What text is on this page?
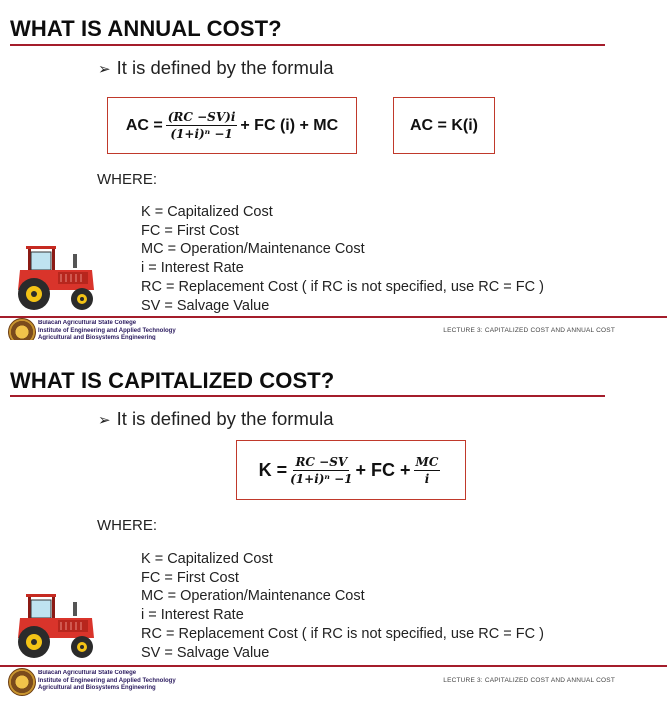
WHAT IS ANNUAL COST?
➢ It is defined by the formula
AC = $\frac{(RC -SV)i}{\text{(1+i)ⁿ −1}}$ + FC (i) + MC	AC = K(i)
WHERE:
K = Capitalized Cost
FC = First Cost
MC = Operation/Maintenance Cost
i = Interest Rate
RC = Replacement Cost ( if RC is not specified, use RC = FC )
SV = Salvage Value
Bulacan Agricultural State College
Institute of Engineering and Applied Technology
Agricultural and Biosystems Engineering
LECTURE 3: CAPITALIZED COST AND ANNUAL COST
WHAT IS CAPITALIZED COST?
➢ It is defined by the formula
$K = \frac{RC -SV}{\text{(1+i)ⁿ −1}}$ + FC + $\frac{MC}{i}$
WHERE:
K = Capitalized Cost
FC = First Cost
MC = Operation/Maintenance Cost
i = Interest Rate
RC = Replacement Cost ( if RC is not specified, use RC = FC )
SV = Salvage Value
Bulacan Agricultural State College
Institute of Engineering and Applied Technology
Agricultural and Biosystems Engineering
LECTURE 3: CAPITALIZED COST AND ANNUAL COST
